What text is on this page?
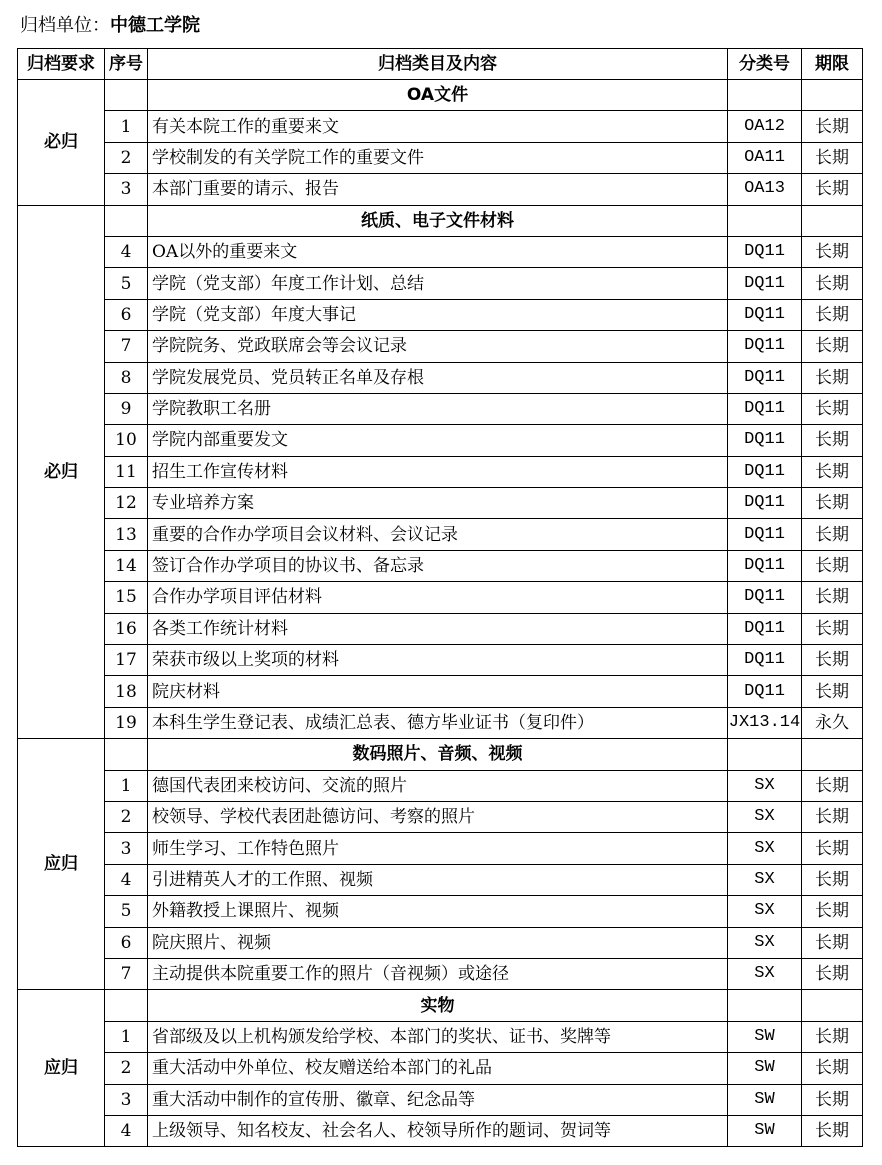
归档单位：中德工学院
归档要求	序号	归档类目及内容	分类号	期限
必归		OA文件		
	1	有关本院工作的重要来文	OA12	长期
	2	学校制发的有关学院工作的重要文件	OA11	长期
	3	本部门重要的请示、报告	OA13	长期
必归		纸质、电子文件材料		
	4	OA以外的重要来文	DQ11	长期
	5	学院（党支部）年度工作计划、总结	DQ11	长期
	6	学院（党支部）年度大事记	DQ11	长期
	7	学院院务、党政联席会等会议记录	DQ11	长期
	8	学院发展党员、党员转正名单及存根	DQ11	长期
	9	学院教职工名册	DQ11	长期
	10	学院内部重要发文	DQ11	长期
	11	招生工作宣传材料	DQ11	长期
	12	专业培养方案	DQ11	长期
	13	重要的合作办学项目会议材料、会议记录	DQ11	长期
	14	签订合作办学项目的协议书、备忘录	DQ11	长期
	15	合作办学项目评估材料	DQ11	长期
	16	各类工作统计材料	DQ11	长期
	17	荣获市级以上奖项的材料	DQ11	长期
	18	院庆材料	DQ11	长期
	19	本科生学生登记表、成绩汇总表、德方毕业证书（复印件）	JX13.14	永久
应归		数码照片、音频、视频		
	1	德国代表团来校访问、交流的照片	SX	长期
	2	校领导、学校代表团赴德访问、考察的照片	SX	长期
	3	师生学习、工作特色照片	SX	长期
	4	引进精英人才的工作照、视频	SX	长期
	5	外籍教授上课照片、视频	SX	长期
	6	院庆照片、视频	SX	长期
	7	主动提供本院重要工作的照片（音视频）或途径	SX	长期
应归		实物		
	1	省部级及以上机构颁发给学校、本部门的奖状、证书、奖牌等	SW	长期
	2	重大活动中外单位、校友赠送给本部门的礼品	SW	长期
	3	重大活动中制作的宣传册、徽章、纪念品等	SW	长期
	4	上级领导、知名校友、社会名人、校领导所作的题词、贺词等	SW	长期
